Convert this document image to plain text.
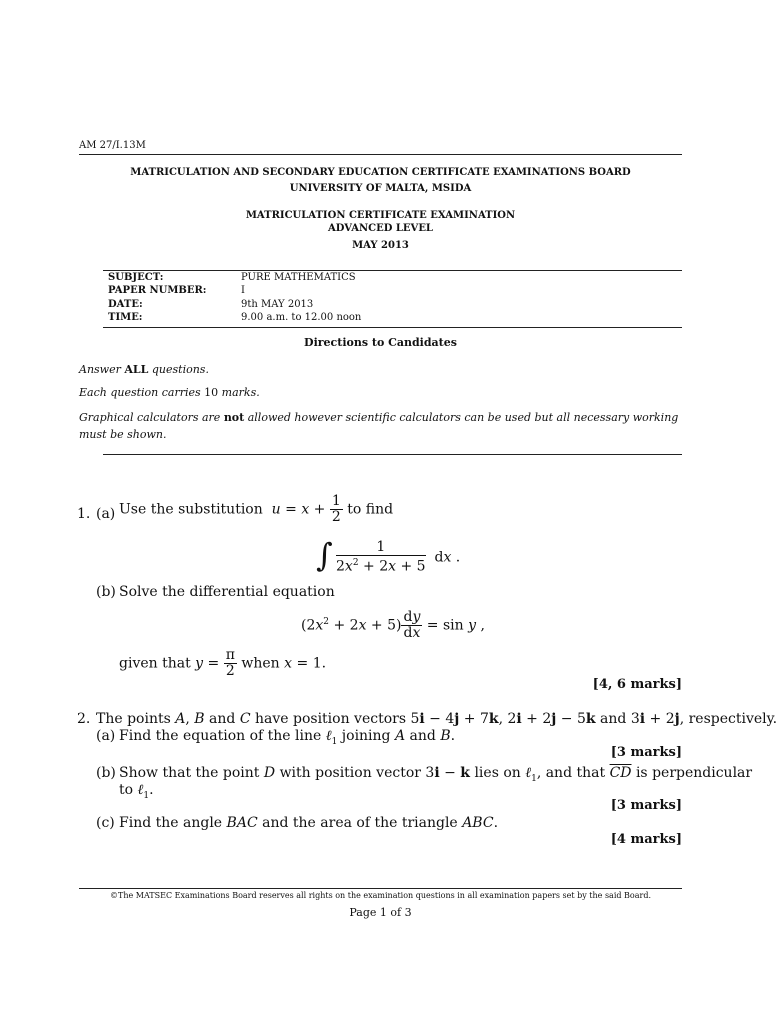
AM 27/I.13M
MATRICULATION AND SECONDARY EDUCATION CERTIFICATE EXAMINATIONS BOARD
UNIVERSITY OF MALTA, MSIDA
MATRICULATION CERTIFICATE EXAMINATION
ADVANCED LEVEL
MAY 2013
SUBJECT:	PURE MATHEMATICS
PAPER NUMBER:	I
DATE:	9th MAY 2013
TIME:	9.00 a.m. to 12.00 noon
Directions to Candidates
Answer ALL questions.
Each question carries 10 marks.
Graphical calculators are not allowed however scientific calculators can be used but all necessary working must be shown.
1. (a) Use the substitution  $u = x + \frac{1}{2}$ to find
∫ $\frac{1}{2x^2 + 2x + 5}$ dx .
(b) Solve the differential equation
$(2x^2 + 2x + 5) \frac{dy}{dx} = \sin y$ ,
given that $y = \frac{\pi}{2}$ when x = 1.
[4, 6 marks]
2. The points A, B and C have position vectors 5i − 4j + 7k, 2i + 2j − 5k and 3i + 2j, respectively.
(a) Find the equation of the line ℓ$_1$ joining A and B.
[3 marks]
(b) Show that the point D with position vector 3i − k lies on ℓ$_1$, and that $\overline{CD}$ is perpendicular
to ℓ$_1$.
[3 marks]
(c) Find the angle BAC and the area of the triangle ABC.
[4 marks]
©The MATSEC Examinations Board reserves all rights on the examination questions in all examination papers set by the said Board.
Page 1 of 3
